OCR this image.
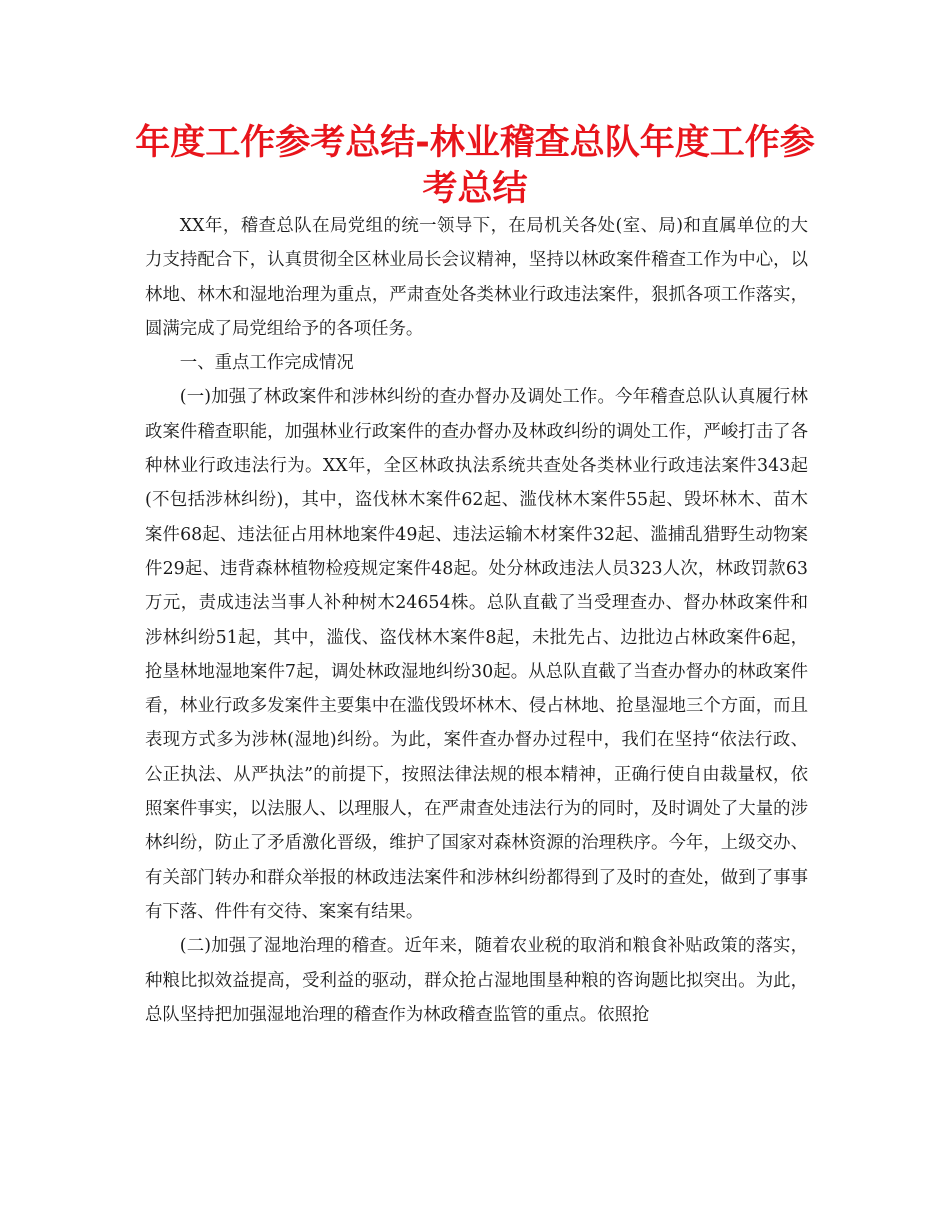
年度工作参考总结-林业稽查总队年度工作参考总结

XX年，稽查总队在局党组的统一领导下，在局机关各处(室、局)和直属单位的大力支持配合下，认真贯彻全区林业局长会议精神，坚持以林政案件稽查工作为中心，以林地、林木和湿地治理为重点，严肃查处各类林业行政违法案件，狠抓各项工作落实，圆满完成了局党组给予的各项任务。

一、重点工作完成情况

(一)加强了林政案件和涉林纠纷的查办督办及调处工作。今年稽查总队认真履行林政案件稽查职能，加强林业行政案件的查办督办及林政纠纷的调处工作，严峻打击了各种林业行政违法行为。XX年，全区林政执法系统共查处各类林业行政违法案件343起(不包括涉林纠纷)，其中，盗伐林木案件62起、滥伐林木案件55起、毁坏林木、苗木案件68起、违法征占用林地案件49起、违法运输木材案件32起、滥捕乱猎野生动物案件29起、违背森林植物检疫规定案件48起。处分林政违法人员323人次，林政罚款63万元，责成违法当事人补种树木24654株。总队直截了当受理查办、督办林政案件和涉林纠纷51起，其中，滥伐、盗伐林木案件8起，未批先占、边批边占林政案件6起，抢垦林地湿地案件7起，调处林政湿地纠纷30起。从总队直截了当查办督办的林政案件看，林业行政多发案件主要集中在滥伐毁坏林木、侵占林地、抢垦湿地三个方面，而且表现方式多为涉林(湿地)纠纷。为此，案件查办督办过程中，我们在坚持“依法行政、公正执法、从严执法”的前提下，按照法律法规的根本精神，正确行使自由裁量权，依照案件事实，以法服人、以理服人，在严肃查处违法行为的同时，及时调处了大量的涉林纠纷，防止了矛盾激化晋级，维护了国家对森林资源的治理秩序。今年，上级交办、有关部门转办和群众举报的林政违法案件和涉林纠纷都得到了及时的查处，做到了事事有下落、件件有交待、案案有结果。

(二)加强了湿地治理的稽查。近年来，随着农业税的取消和粮食补贴政策的落实，种粮比拟效益提高，受利益的驱动，群众抢占湿地围垦种粮的咨询题比拟突出。为此，总队坚持把加强湿地治理的稽查作为林政稽查监管的重点。依照抢
